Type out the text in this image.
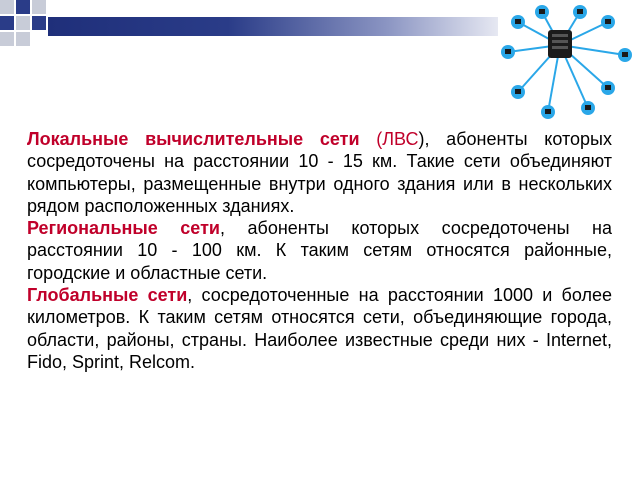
Локальные вычислительные сети (ЛВС), абоненты которых сосредоточены на расстоянии 10 - 15 км. Такие сети объединяют компьютеры, размещенные внутри одного здания или в нескольких рядом расположенных зданиях.

Региональные сети, абоненты которых сосредоточены на расстоянии 10 - 100 км. К таким сетям относятся районные, городские и областные сети.

Глобальные сети, сосредоточенные на расстоянии 1000 и более километров. К таким сетям относятся сети, объединяющие города, области, районы, страны. Наиболее известные среди них - Internet, Fido, Sprint, Relcom.
